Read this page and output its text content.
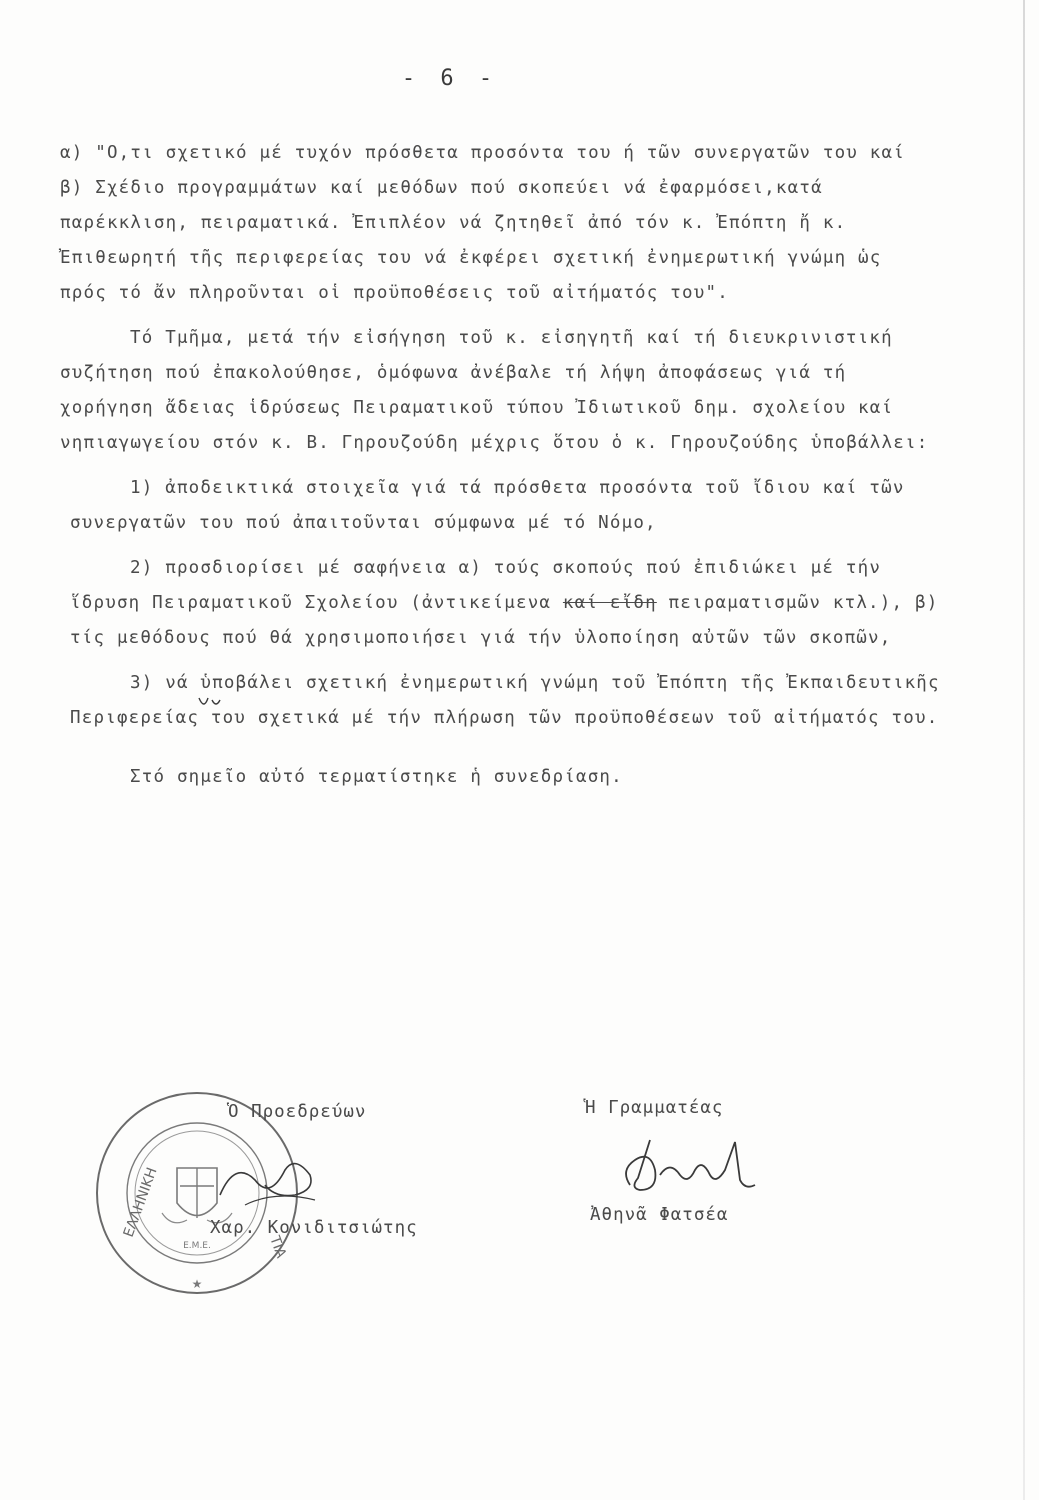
- 6 -

α) "Ο,τι σχετικό μέ τυχόν πρόσθετα προσόντα του ή τῶν συνεργατῶν του καί β) Σχέδιο προγραμμάτων καί μεθόδων πού σκοπεύει νά ἐφαρμόσει,κατά παρέκκλιση, πειραματικά. Ἐπιπλέον νά ζητηθεῖ ἀπό τόν κ. Ἐπόπτη ἤ κ. Ἐπιθεωρητή τῆς περιφερείας του νά ἐκφέρει σχετική ἐνημερωτική γνώμη ὡς πρός τό ἄν πληροῦνται οἱ προϋποθέσεις τοῦ αἰτήματός του".

Τό Τμῆμα, μετά τήν εἰσήγηση τοῦ κ. εἰσηγητῆ καί τή διευκρινιστική συζήτηση πού ἐπακολούθησε, ὁμόφωνα ἀνέβαλε τή λήψη ἀποφάσεως γιά τή χορήγηση ἄδειας ἱδρύσεως Πειραματικοῦ τύπου Ἰδιωτικοῦ δημ. σχολείου καί νηπιαγωγείου στόν κ. Β. Γηρουζούδη μέχρις ὅτου ὁ κ. Γηρουζούδης ὑποβάλλει:

1) ἀποδεικτικά στοιχεῖα γιά τά πρόσθετα προσόντα τοῦ ἴδιου καί τῶν συνεργατῶν του πού ἀπαιτοῦνται σύμφωνα μέ τό Νόμο,

2) προσδιορίσει μέ σαφήνεια α) τούς σκοπούς πού ἐπιδιώκει μέ τήν ἵδρυση Πειραματικοῦ Σχολείου (ἀντικείμενα καί εἴδη πειραματισμῶν κτλ.), β) τίς μεθόδους πού θά χρησιμοποιήσει γιά τήν ὑλοποίηση αὐτῶν τῶν σκοπῶν,

3) νά ὑποβάλει σχετική ἐνημερωτική γνώμη τοῦ Ἐπόπτη τῆς Ἐκπαιδευτικῆς Περιφερείας του σχετικά μέ τήν πλήρωση τῶν προϋποθέσεων τοῦ αἰτήματός του.

Στό σημεῖο αὐτό τερματίστηκε ἡ συνεδρίαση.

Ε.Μ.Ε.
ΕΛΛΗΝΙΚΗ
ΤΙΑ
★
Ὁ Προεδρεύων
Χαρ. Κονιδιτσιώτης
Ἡ Γραμματέας
Ἀθηνᾶ Φατσέα
